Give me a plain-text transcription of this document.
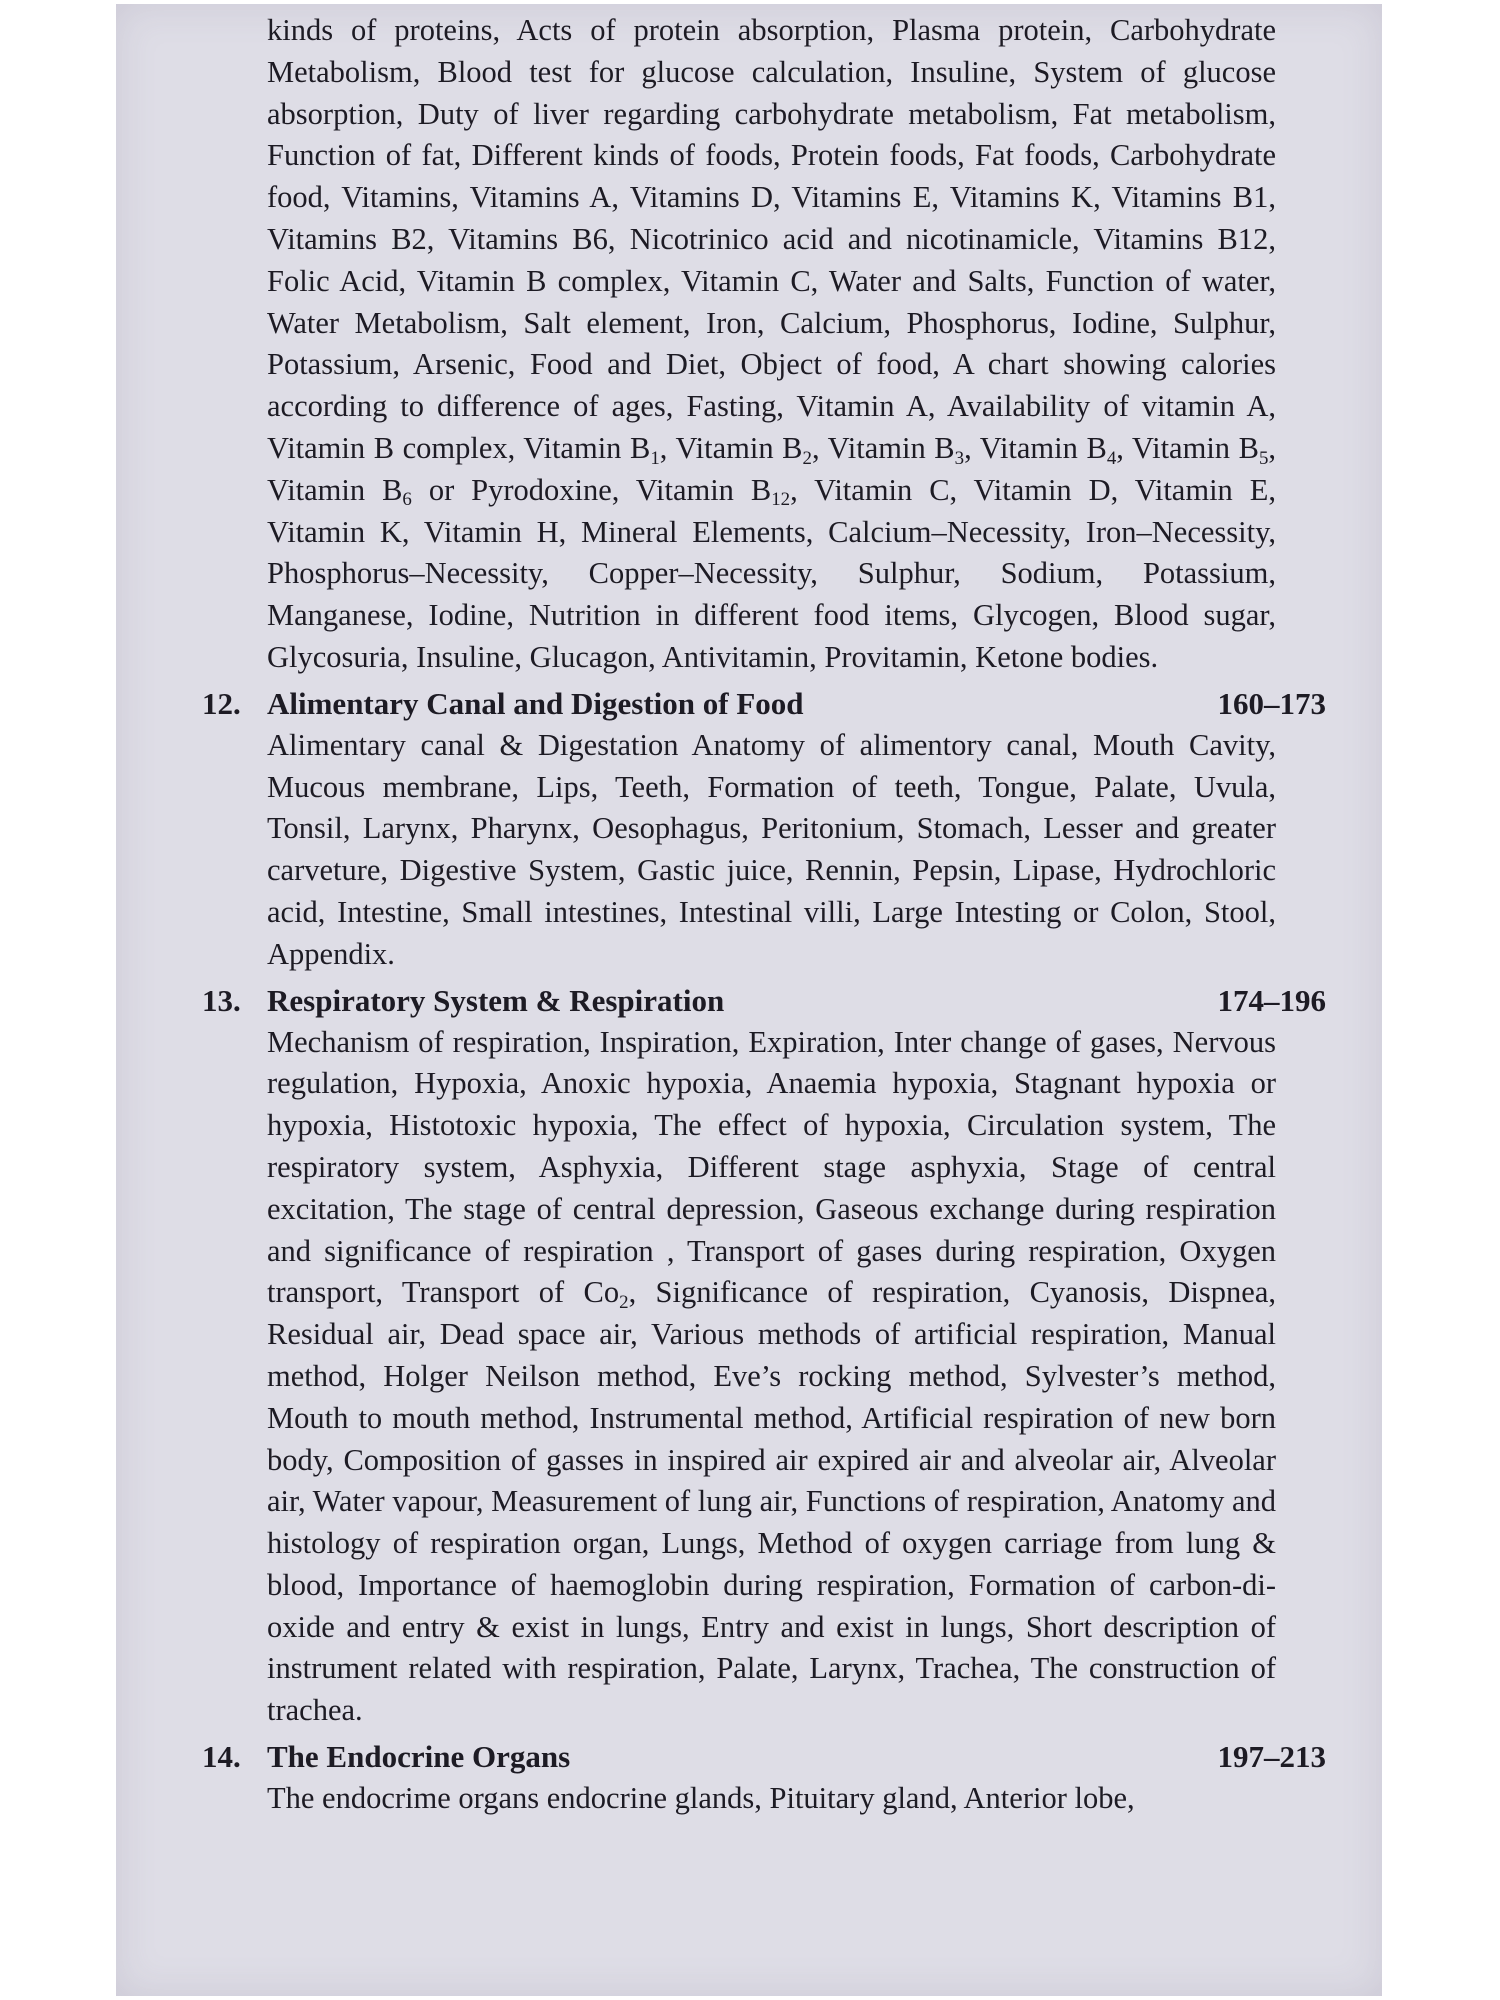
kinds of proteins, Acts of protein absorption, Plasma protein, Carbohydrate Metabolism, Blood test for glucose calculation, Insuline, System of glucose absorption, Duty of liver regarding carbohydrate metabolism, Fat metabolism, Function of fat, Different kinds of foods, Protein foods, Fat foods, Carbohydrate food, Vitamins, Vitamins A, Vitamins D, Vitamins E, Vitamins K, Vitamins B1, Vitamins B2, Vitamins B6, Nicotrinico acid and nicotinamicle, Vitamins B12, Folic Acid, Vitamin B complex, Vitamin C, Water and Salts, Function of water, Water Metabolism, Salt element, Iron, Calcium, Phosphorus, Iodine, Sulphur, Potassium, Arsenic, Food and Diet, Object of food, A chart showing calories according to difference of ages, Fasting, Vitamin A, Availability of vitamin A, Vitamin B complex, Vitamin $B_1$, Vitamin $B_2$, Vitamin $B_3$, Vitamin $B_4$, Vitamin $B_5$, Vitamin $B_6$ or Pyrodoxine, Vitamin $B_{12}$, Vitamin C, Vitamin D, Vitamin E, Vitamin K, Vitamin H, Mineral Elements, Calcium–Necessity, Iron–Necessity, Phosphorus–Necessity, Copper–Necessity, Sulphur, Sodium, Potassium, Manganese, Iodine, Nutrition in different food items, Glycogen, Blood sugar, Glycosuria, Insuline, Glucagon, Antivitamin, Provitamin, Ketone bodies.

12. Alimentary Canal and Digestion of Food	160–173

Alimentary canal & Digestation Anatomy of alimentory canal, Mouth Cavity, Mucous membrane, Lips, Teeth, Formation of teeth, Tongue, Palate, Uvula, Tonsil, Larynx, Pharynx, Oesophagus, Peritonium, Stomach, Lesser and greater carveture, Digestive System, Gastic juice, Rennin, Pepsin, Lipase, Hydrochloric acid, Intestine, Small intestines, Intestinal villi, Large Intesting or Colon, Stool, Appendix.

13. Respiratory System & Respiration	174–196

Mechanism of respiration, Inspiration, Expiration, Inter change of gases, Nervous regulation, Hypoxia, Anoxic hypoxia, Anaemia hypoxia, Stagnant hypoxia or hypoxia, Histotoxic hypoxia, The effect of hypoxia, Circulation system, The respiratory system, Asphyxia, Different stage asphyxia, Stage of central excitation, The stage of central depression, Gaseous exchange during respiration and significance of respiration , Transport of gases during respiration, Oxygen transport, Transport of $Co_2$, Significance of respiration, Cyanosis, Dispnea, Residual air, Dead space air, Various methods of artificial respiration, Manual method, Holger Neilson method, Eve’s rocking method, Sylvester’s method, Mouth to mouth method, Instrumental method, Artificial respiration of new born body, Composition of gasses in inspired air expired air and alveolar air, Alveolar air, Water vapour, Measurement of lung air, Functions of respiration, Anatomy and histology of respiration organ, Lungs, Method of oxygen carriage from lung & blood, Importance of haemoglobin during respiration, Formation of carbon-di-oxide and entry & exist in lungs, Entry and exist in lungs, Short description of instrument related with respiration, Palate, Larynx, Trachea, The construction of trachea.

14. The Endocrine Organs	197–213

The endocrime organs endocrine glands, Pituitary gland, Anterior lobe,
